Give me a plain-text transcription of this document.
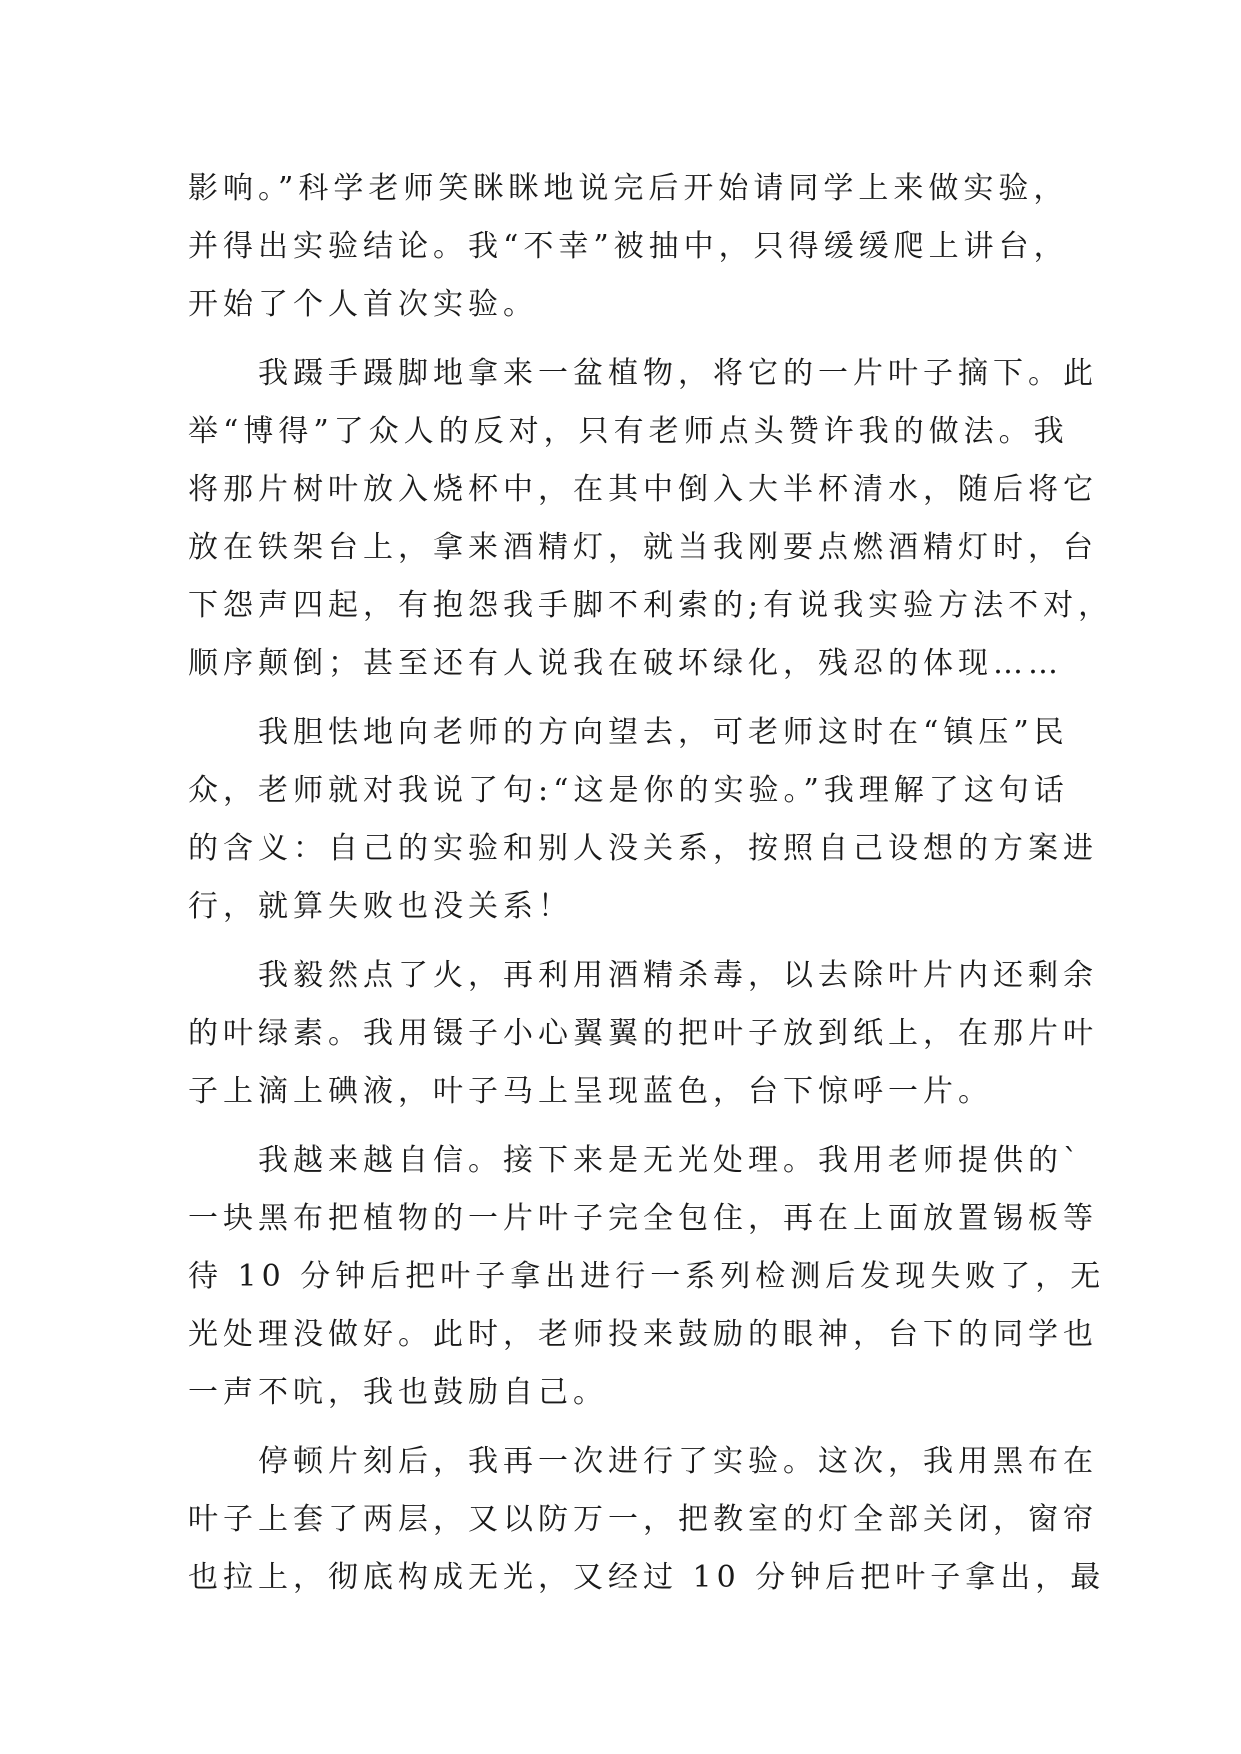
影响。”科学老师笑眯眯地说完后开始请同学上来做实验，
并得出实验结论。我“不幸”被抽中，只得缓缓爬上讲台，
开始了个人首次实验。
　　我蹑手蹑脚地拿来一盆植物，将它的一片叶子摘下。此
举“博得”了众人的反对，只有老师点头赞许我的做法。我
将那片树叶放入烧杯中，在其中倒入大半杯清水，随后将它
放在铁架台上，拿来酒精灯，就当我刚要点燃酒精灯时，台
下怨声四起，有抱怨我手脚不利索的;有说我实验方法不对，
顺序颠倒；甚至还有人说我在破坏绿化，残忍的体现……
　　我胆怯地向老师的方向望去，可老师这时在“镇压”民
众，老师就对我说了句:“这是你的实验。”我理解了这句话
的含义：自己的实验和别人没关系，按照自己设想的方案进
行，就算失败也没关系！
　　我毅然点了火，再利用酒精杀毒，以去除叶片内还剩余
的叶绿素。我用镊子小心翼翼的把叶子放到纸上，在那片叶
子上滴上碘液，叶子马上呈现蓝色，台下惊呼一片。
　　我越来越自信。接下来是无光处理。我用老师提供的`
一块黑布把植物的一片叶子完全包住，再在上面放置锡板等
待 10 分钟后把叶子拿出进行一系列检测后发现失败了，无
光处理没做好。此时，老师投来鼓励的眼神，台下的同学也
一声不吭，我也鼓励自己。
　　停顿片刻后，我再一次进行了实验。这次，我用黑布在
叶子上套了两层，又以防万一，把教室的灯全部关闭，窗帘
也拉上，彻底构成无光，又经过 10 分钟后把叶子拿出，最
